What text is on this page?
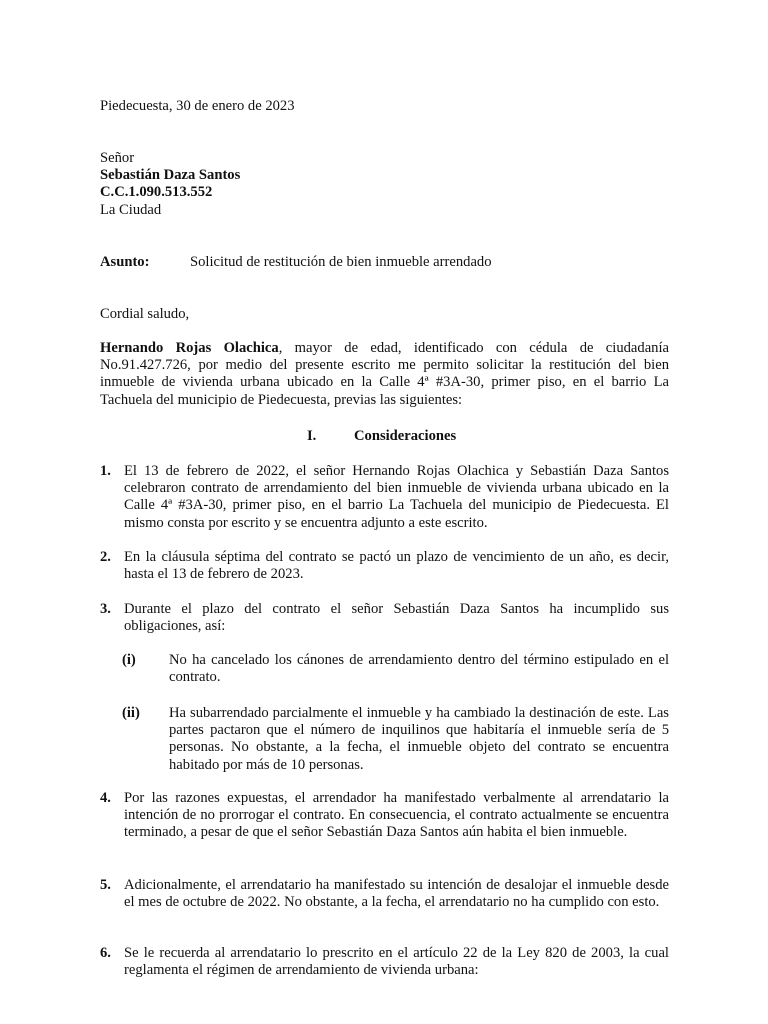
Piedecuesta, 30 de enero de 2023
Señor
Sebastián Daza Santos
C.C.1.090.513.552
La Ciudad
Asunto:	Solicitud de restitución de bien inmueble arrendado
Cordial saludo,
Hernando Rojas Olachica, mayor de edad, identificado con cédula de ciudadanía No.91.427.726, por medio del presente escrito me permito solicitar la restitución del bien inmueble de vivienda urbana ubicado en la Calle 4ª #3A-30, primer piso, en el barrio La Tachuela del municipio de Piedecuesta, previas las siguientes:
I.	Consideraciones
1. El 13 de febrero de 2022, el señor Hernando Rojas Olachica y Sebastián Daza Santos celebraron contrato de arrendamiento del bien inmueble de vivienda urbana ubicado en la Calle 4ª #3A-30, primer piso, en el barrio La Tachuela del municipio de Piedecuesta. El mismo consta por escrito y se encuentra adjunto a este escrito.
2. En la cláusula séptima del contrato se pactó un plazo de vencimiento de un año, es decir, hasta el 13 de febrero de 2023.
3. Durante el plazo del contrato el señor Sebastián Daza Santos ha incumplido sus obligaciones, así:
(i) No ha cancelado los cánones de arrendamiento dentro del término estipulado en el contrato.
(ii) Ha subarrendado parcialmente el inmueble y ha cambiado la destinación de este. Las partes pactaron que el número de inquilinos que habitaría el inmueble sería de 5 personas. No obstante, a la fecha, el inmueble objeto del contrato se encuentra habitado por más de 10 personas.
4. Por las razones expuestas, el arrendador ha manifestado verbalmente al arrendatario la intención de no prorrogar el contrato. En consecuencia, el contrato actualmente se encuentra terminado, a pesar de que el señor Sebastián Daza Santos aún habita el bien inmueble.
5. Adicionalmente, el arrendatario ha manifestado su intención de desalojar el inmueble desde el mes de octubre de 2022. No obstante, a la fecha, el arrendatario no ha cumplido con esto.
6. Se le recuerda al arrendatario lo prescrito en el artículo 22 de la Ley 820 de 2003, la cual reglamenta el régimen de arrendamiento de vivienda urbana:
